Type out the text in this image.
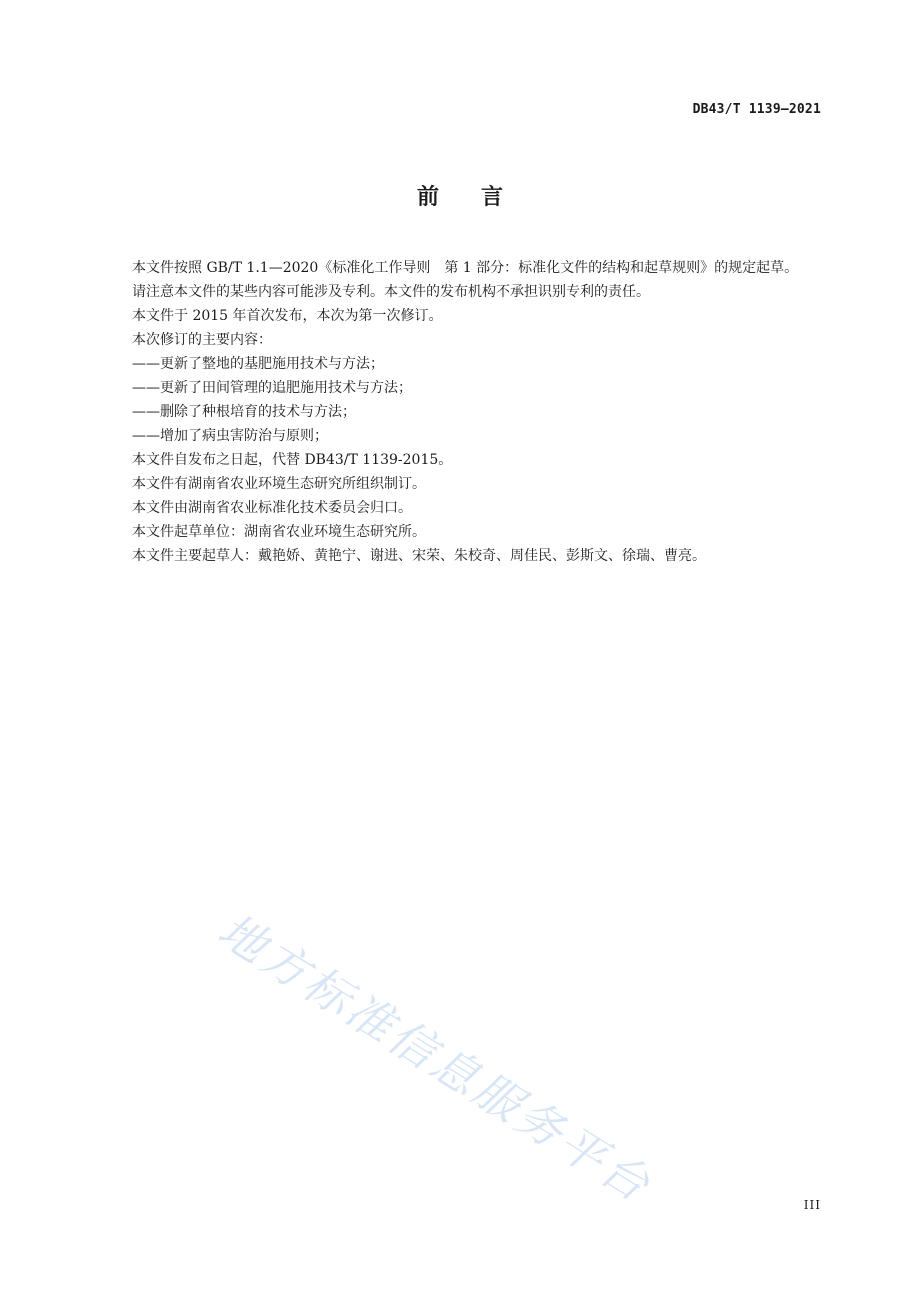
DB43/T 1139—2021
前言

本文件按照 GB/T 1.1—2020《标准化工作导则　第 1 部分：标准化文件的结构和起草规则》的规定起草。

请注意本文件的某些内容可能涉及专利。本文件的发布机构不承担识别专利的责任。

本文件于 2015 年首次发布，本次为第一次修订。

本次修订的主要内容：

——更新了整地的基肥施用技术与方法；

——更新了田间管理的追肥施用技术与方法；

——删除了种根培育的技术与方法；

——增加了病虫害防治与原则；

本文件自发布之日起，代替 DB43/T 1139-2015。

本文件有湖南省农业环境生态研究所组织制订。

本文件由湖南省农业标准化技术委员会归口。

本文件起草单位：湖南省农业环境生态研究所。

本文件主要起草人：戴艳娇、黄艳宁、谢进、宋荣、朱校奇、周佳民、彭斯文、徐瑞、曹亮。

地方标准信息服务平台	III
